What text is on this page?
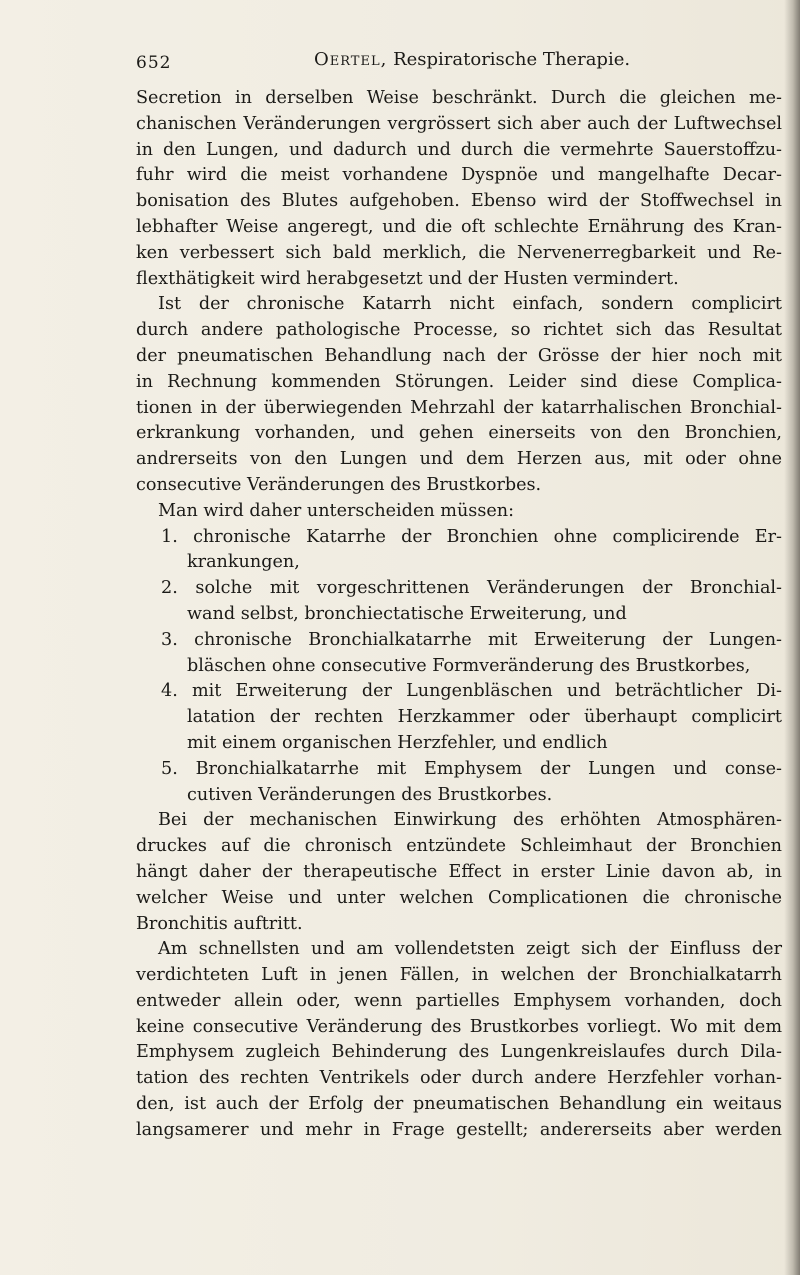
652	Oertel, Respiratorische Therapie.
Secretion in derselben Weise beschränkt. Durch die gleichen me-
chanischen Veränderungen vergrössert sich aber auch der Luftwechsel
in den Lungen, und dadurch und durch die vermehrte Sauerstoffzu-
fuhr wird die meist vorhandene Dyspnöe und mangelhafte Decar-
bonisation des Blutes aufgehoben. Ebenso wird der Stoffwechsel in
lebhafter Weise angeregt, und die oft schlechte Ernährung des Kran-
ken verbessert sich bald merklich, die Nervenerregbarkeit und Re-
flexthätigkeit wird herabgesetzt und der Husten vermindert.
Ist der chronische Katarrh nicht einfach, sondern complicirt
durch andere pathologische Processe, so richtet sich das Resultat
der pneumatischen Behandlung nach der Grösse der hier noch mit
in Rechnung kommenden Störungen. Leider sind diese Complica-
tionen in der überwiegenden Mehrzahl der katarrhalischen Bronchial-
erkrankung vorhanden, und gehen einerseits von den Bronchien,
andrerseits von den Lungen und dem Herzen aus, mit oder ohne
consecutive Veränderungen des Brustkorbes.
Man wird daher unterscheiden müssen:
1. chronische Katarrhe der Bronchien ohne complicirende Er-
krankungen,
2. solche mit vorgeschrittenen Veränderungen der Bronchial-
wand selbst, bronchiectatische Erweiterung, und
3. chronische Bronchialkatarrhe mit Erweiterung der Lungen-
bläschen ohne consecutive Formveränderung des Brustkorbes,
4. mit Erweiterung der Lungenbläschen und beträchtlicher Di-
latation der rechten Herzkammer oder überhaupt complicirt
mit einem organischen Herzfehler, und endlich
5. Bronchialkatarrhe mit Emphysem der Lungen und conse-
cutiven Veränderungen des Brustkorbes.
Bei der mechanischen Einwirkung des erhöhten Atmosphären-
druckes auf die chronisch entzündete Schleimhaut der Bronchien
hängt daher der therapeutische Effect in erster Linie davon ab, in
welcher Weise und unter welchen Complicationen die chronische
Bronchitis auftritt.
Am schnellsten und am vollendetsten zeigt sich der Einfluss der
verdichteten Luft in jenen Fällen, in welchen der Bronchialkatarrh
entweder allein oder, wenn partielles Emphysem vorhanden, doch
keine consecutive Veränderung des Brustkorbes vorliegt. Wo mit dem
Emphysem zugleich Behinderung des Lungenkreislaufes durch Dila-
tation des rechten Ventrikels oder durch andere Herzfehler vorhan-
den, ist auch der Erfolg der pneumatischen Behandlung ein weitaus
langsamerer und mehr in Frage gestellt; andererseits aber werden
